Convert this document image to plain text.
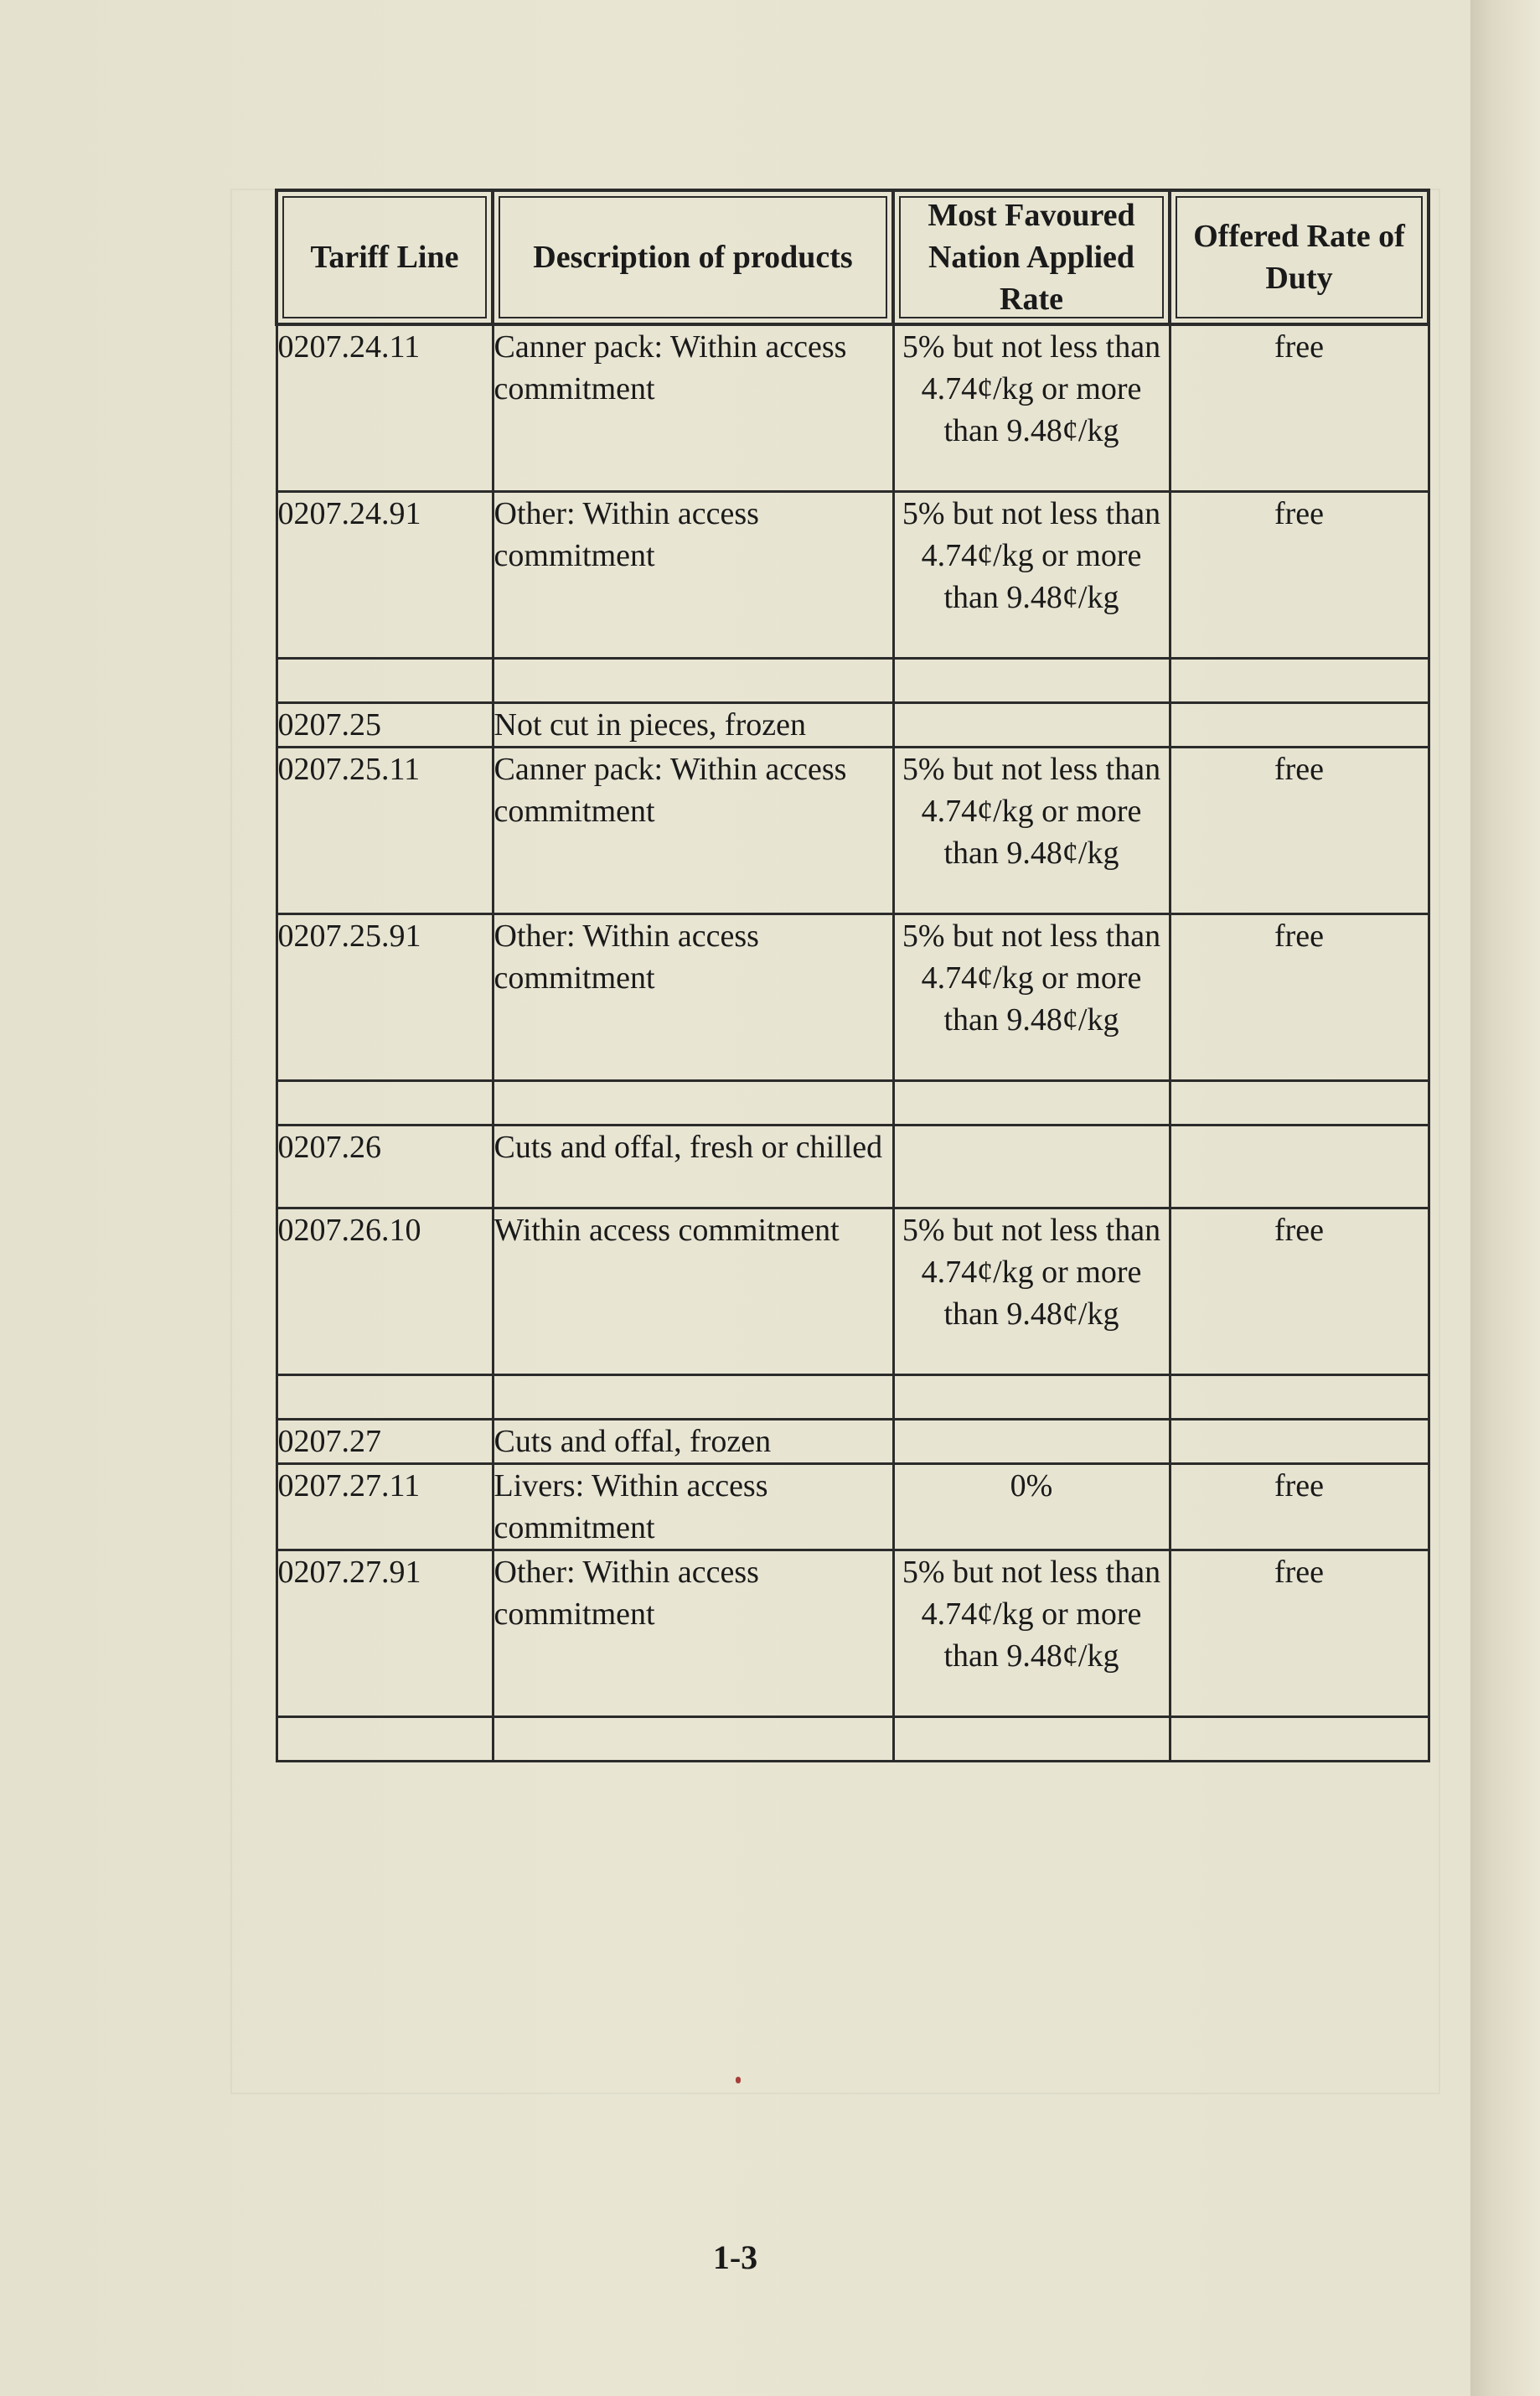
Tariff Line	Description of products	Most Favoured Nation Applied Rate	Offered Rate of Duty
0207.24.11	Canner pack: Within access commitment	5% but not less than 4.74¢/kg or more than 9.48¢/kg	free
0207.24.91	Other: Within access commitment	5% but not less than 4.74¢/kg or more than 9.48¢/kg	free

0207.25	Not cut in pieces, frozen		
0207.25.11	Canner pack: Within access commitment	5% but not less than 4.74¢/kg or more than 9.48¢/kg	free
0207.25.91	Other: Within access commitment	5% but not less than 4.74¢/kg or more than 9.48¢/kg	free

0207.26	Cuts and offal, fresh or chilled		
0207.26.10	Within access commitment	5% but not less than 4.74¢/kg or more than 9.48¢/kg	free

0207.27	Cuts and offal, frozen		
0207.27.11	Livers: Within access commitment	0%	free
0207.27.91	Other: Within access commitment	5% but not less than 4.74¢/kg or more than 9.48¢/kg	free

1-3
